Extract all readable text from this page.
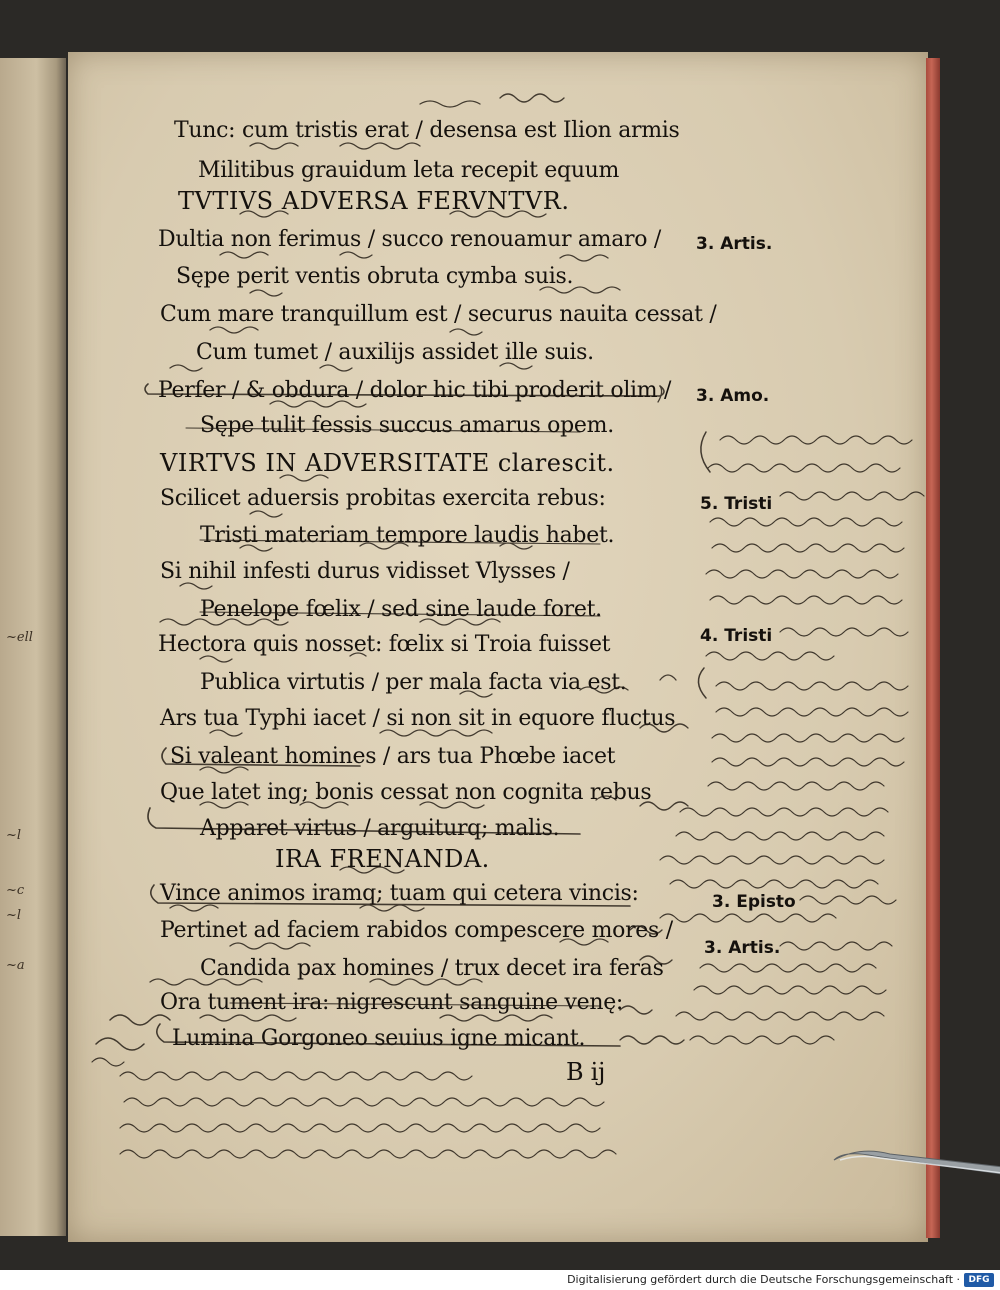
~ell
~l
~c
~l
~a
Tunc: cum tristis erat / desensa est Ilion armis
Militibus grauidum leta recepit equum
TVTIVS ADVERSA FERVNTVR.
Dultia non ferimus / succo renouamur amaro /
Sępe perit ventis obruta cymba suis.
Cum mare tranquillum est / securus nauita cessat /
Cum tumet / auxilijs assidet ille suis.
Perfer / & obdura / dolor hic tibi proderit olim /
Sępe tulit fessis succus amarus opem.
VIRTVS IN ADVERSITATE clarescit.
Scilicet aduersis probitas exercita rebus:
Tristi materiam tempore laudis habet.
Si nihil infesti durus vidisset Vlysses /
Penelope fœlix / sed sine laude foret.
Hectora quis nosset: fœlix si Troia fuisset
Publica virtutis / per mala facta via est.
Ars tua Typhi iacet / si non sit in equore fluctus
Si valeant homines / ars tua Phœbe iacet
Que latet ing; bonis cessat non cognita rebus
Apparet virtus / arguiturq; malis.
IRA FRENANDA.
Vince animos iramq; tuam qui cetera vincis:
Pertinet ad faciem rabidos compescere mores /
Candida pax homines / trux decet ira feras
Ora tument ira: nigrescunt sanguine venę:
Lumina Gorgoneo seuius igne micant.
B ij
3. Artis.
3. Amo.
5. Tristi
4. Tristi
3. Episto
3. Artis.
Digitalisierung gefördert durch die Deutsche Forschungsgemeinschaft · DFG
